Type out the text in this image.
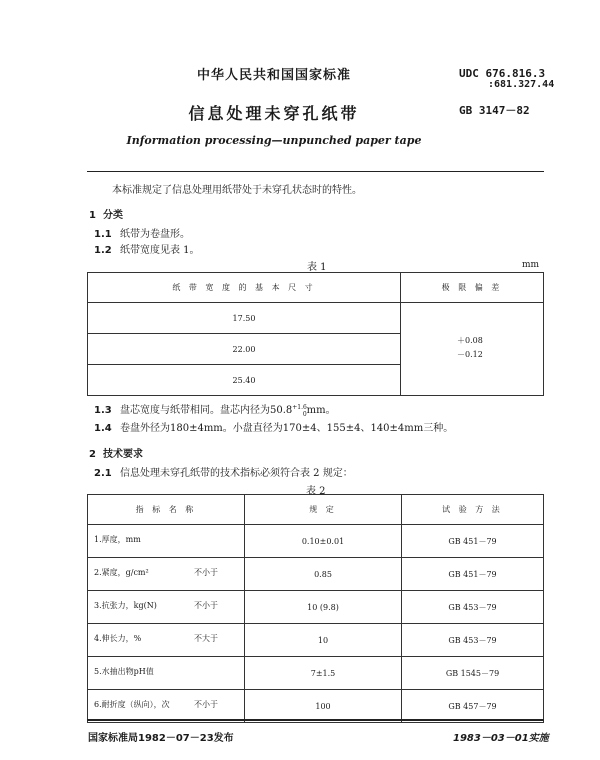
中华人民共和国国家标准	UDC 676.816.3
:681.327.44
信息处理未穿孔纸带	GB 3147－82
Information processing—unpunched paper tape
本标准规定了信息处理用纸带处于未穿孔状态时的特性。
1 分类
1.1 纸带为卷盘形。
1.2 纸带宽度见表 1。
表 1	mm
纸 带 宽 度 的 基 本 尺 寸	极 限 偏 差
17.50	＋0.08
－0.12

22.00	
25.40	
1.3 盘芯宽度与纸带相同。盘芯内径为$50.8^{+1.6}_0mm$。
1.4 卷盘外径为180±4mm。小盘直径为170±4、155±4、140±4mm三种。
2 技术要求
2.1 信息处理未穿孔纸带的技术指标必须符合表 2 规定：
表 2
指 标 名 称	规 定	试 验 方 法

1.厚度，mm	0.10±0.01	GB 451－79

2.紧度，g/cm² 不小于	0.85	GB 451－79

3.抗张力，kg(N) 不小于	10 (9.8)	GB 453－79

4.伸长力，% 不大于	10	GB 453－79

5.水抽出物pH值	7±1.5	GB 1545－79

6.耐折度（纵向），次 不小于	100	GB 457－79
国家标准局1982－07－23发布	1983－03－01实施
